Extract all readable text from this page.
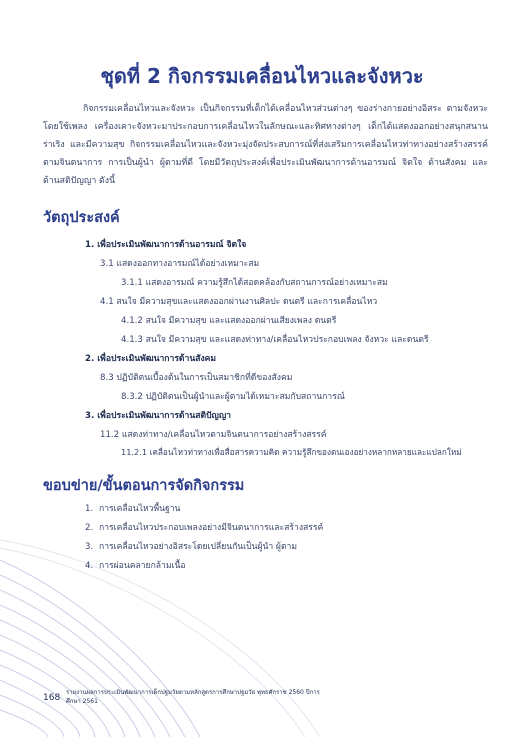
ชุดที่ 2 กิจกรรมเคลื่อนไหวและจังหวะ
กิจกรรมเคลื่อนไหวและจังหวะ เป็นกิจกรรมที่เด็กได้เคลื่อนไหวส่วนต่างๆ ของร่างกายอย่างอิสระ ตามจังหวะ โดยใช้เพลง เครื่องเคาะจังหวะมาประกอบการเคลื่อนไหวในลักษณะและทิศทางต่างๆ เด็กได้แสดงออกอย่างสนุกสนาน ร่าเริง และมีความสุข กิจกรรมเคลื่อนไหวและจังหวะมุ่งจัดประสบการณ์ที่ส่งเสริมการเคลื่อนไหวท่าทางอย่างสร้างสรรค์ตามจินตนาการ การเป็นผู้นำ ผู้ตามที่ดี โดยมีวัตถุประสงค์เพื่อประเมินพัฒนาการด้านอารมณ์ จิตใจ ด้านสังคม และ ด้านสติปัญญา ดังนี้
วัตถุประสงค์
1. เพื่อประเมินพัฒนาการด้านอารมณ์ จิตใจ
3.1 แสดงออกทางอารมณ์ได้อย่างเหมาะสม
3.1.1 แสดงอารมณ์ ความรู้สึกได้สอดคล้องกับสถานการณ์อย่างเหมาะสม
4.1 สนใจ มีความสุขและแสดงออกผ่านงานศิลปะ ดนตรี และการเคลื่อนไหว
4.1.2 สนใจ มีความสุข และแสดงออกผ่านเสียงเพลง ดนตรี
4.1.3 สนใจ มีความสุข และแสดงท่าทาง/เคลื่อนไหวประกอบเพลง จังหวะ และดนตรี
2. เพื่อประเมินพัฒนาการด้านสังคม
8.3 ปฏิบัติตนเบื้องต้นในการเป็นสมาชิกที่ดีของสังคม
8.3.2 ปฏิบัติตนเป็นผู้นำและผู้ตามได้เหมาะสมกับสถานการณ์
3. เพื่อประเมินพัฒนาการด้านสติปัญญา
11.2 แสดงท่าทาง/เคลื่อนไหวตามจินตนาการอย่างสร้างสรรค์
11.2.1 เคลื่อนไหวท่าทางเพื่อสื่อสารความคิด ความรู้สึกของตนเองอย่างหลากหลายและแปลกใหม่
ขอบข่าย/ขั้นตอนการจัดกิจกรรม
1. การเคลื่อนไหวพื้นฐาน
2. การเคลื่อนไหวประกอบเพลงอย่างมีจินตนาการและสร้างสรรค์
3. การเคลื่อนไหวอย่างอิสระโดยเปลี่ยนกันเป็นผู้นำ ผู้ตาม
4. การผ่อนคลายกล้ามเนื้อ
168
รายงานผลการประเมินพัฒนาการเด็กปฐมวัยตามหลักสูตรการศึกษาปฐมวัย พุทธศักราช 2560 ปีการศึกษา 2561
